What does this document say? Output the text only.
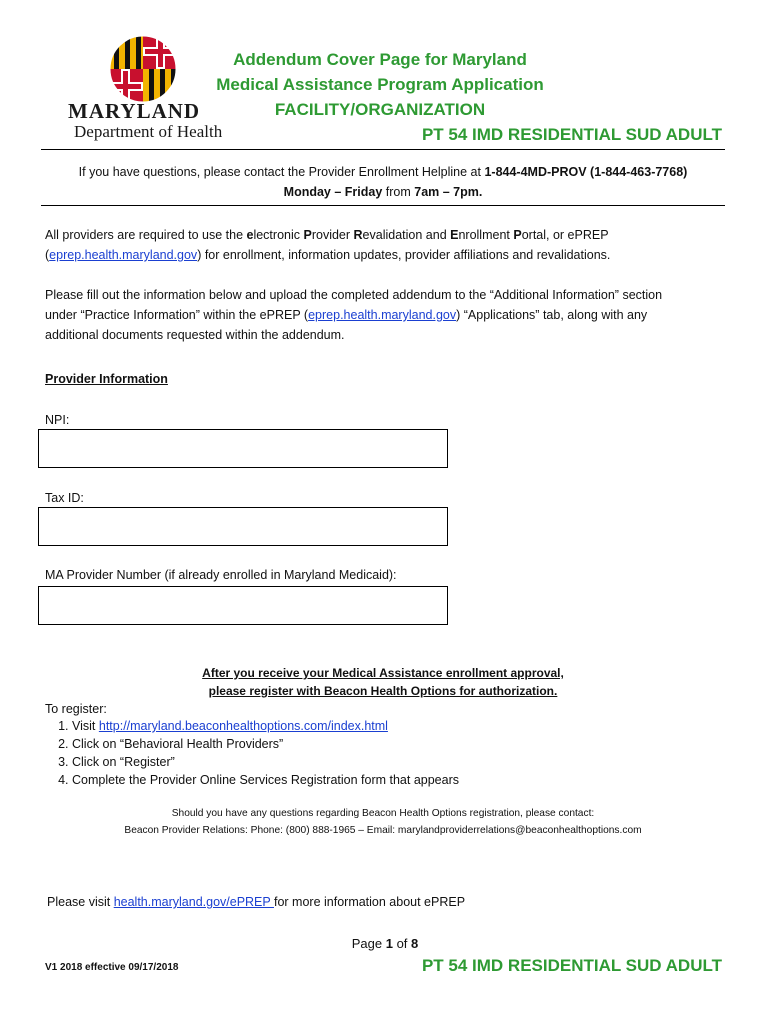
MARYLAND
Department of Health
Addendum Cover Page for Maryland
Medical Assistance Program Application
FACILITY/ORGANIZATION
PT 54 IMD RESIDENTIAL SUD ADULT
If you have questions, please contact the Provider Enrollment Helpline at 1-844-4MD-PROV (1-844-463-7768)
Monday – Friday from 7am – 7pm.
All providers are required to use the electronic Provider Revalidation and Enrollment Portal, or ePREP
(eprep.health.maryland.gov) for enrollment, information updates, provider affiliations and revalidations.
Please fill out the information below and upload the completed addendum to the “Additional Information” section
under “Practice Information” within the ePREP (eprep.health.maryland.gov) “Applications” tab, along with any
additional documents requested within the addendum.
Provider Information
NPI:
Tax ID:
MA Provider Number (if already enrolled in Maryland Medicaid):
After you receive your Medical Assistance enrollment approval,
please register with Beacon Health Options for authorization.
To register:
1. Visit http://maryland.beaconhealthoptions.com/index.html
2. Click on “Behavioral Health Providers”
3. Click on “Register”
4. Complete the Provider Online Services Registration form that appears
Should you have any questions regarding Beacon Health Options registration, please contact:
Beacon Provider Relations: Phone: (800) 888-1965 – Email: marylandproviderrelations@beaconhealthoptions.com
Please visit health.maryland.gov/ePREP for more information about ePREP
Page 1 of 8
V1 2018 effective 09/17/2018	PT 54 IMD RESIDENTIAL SUD ADULT
